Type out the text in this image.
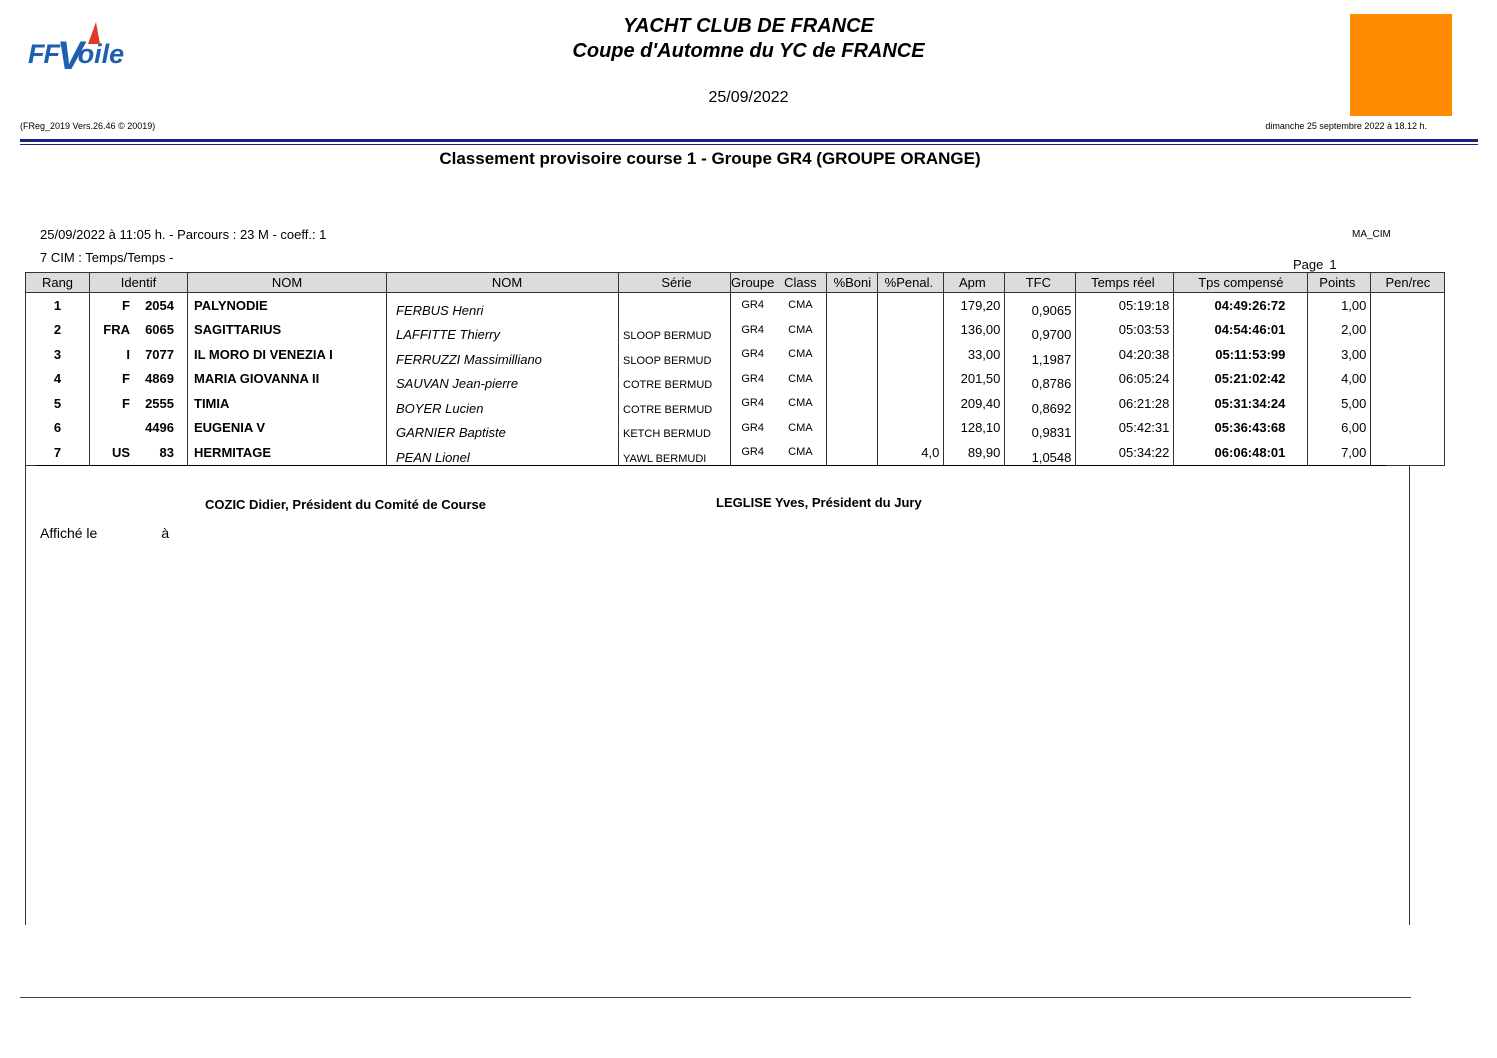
FFVoile
YACHT CLUB DE FRANCE
Coupe d'Automne du YC de FRANCE
25/09/2022
(FReg_2019 Vers.26.46 © 20019)	dimanche 25 septembre 2022 à 18.12 h.
Classement provisoire course 1 - Groupe GR4 (GROUPE ORANGE)
25/09/2022 à 11:05 h. - Parcours : 23 M - coeff.: 1	MA_CIM
7 CIM : Temps/Temps -	Page 1
Rang	Identif	NOM	NOM	Série	Groupe	Class	%Boni	%Penal.	Apm	TFC	Temps réel	Tps compensé	Points	Pen/rec
1	F 2054	PALYNODIE	FERBUS Henri		GR4	CMA			179,20	0,9065	05:19:18	04:49:26:72	1,00	
2	FRA 6065	SAGITTARIUS	LAFFITTE Thierry	SLOOP BERMUD	GR4	CMA			136,00	0,9700	05:03:53	04:54:46:01	2,00	
3	I 7077	IL MORO DI VENEZIA I	FERRUZZI Massimilliano	SLOOP BERMUD	GR4	CMA			33,00	1,1987	04:20:38	05:11:53:99	3,00	
4	F 4869	MARIA GIOVANNA II	SAUVAN Jean-pierre	COTRE BERMUD	GR4	CMA			201,50	0,8786	06:05:24	05:21:02:42	4,00	
5	F 2555	TIMIA	BOYER Lucien	COTRE BERMUD	GR4	CMA			209,40	0,8692	06:21:28	05:31:34:24	5,00	
6	4496	EUGENIA V	GARNIER Baptiste	KETCH BERMUD	GR4	CMA			128,10	0,9831	05:42:31	05:36:43:68	6,00	
7	US 83	HERMITAGE	PEAN Lionel	YAWL BERMUDI	GR4	CMA		4,0	89,90	1,0548	05:34:22	06:06:48:01	7,00	
COZIC Didier, Président du Comité de Course	LEGLISE Yves, Président du Jury
Affiché le	à
